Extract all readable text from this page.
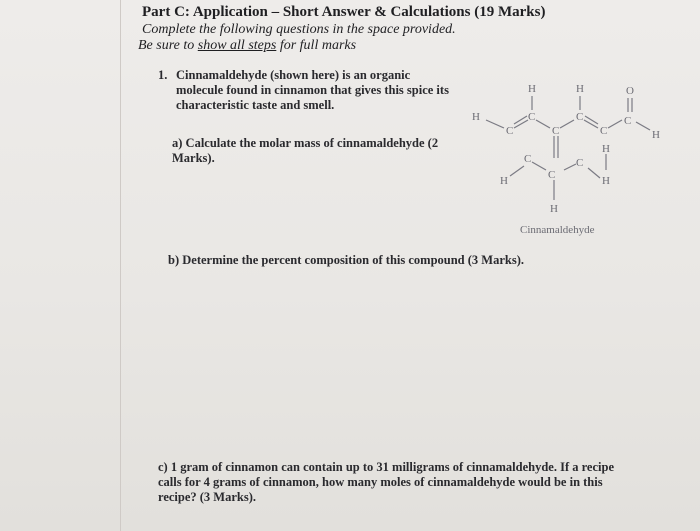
Part C: Application – Short Answer & Calculations (19 Marks)
Complete the following questions in the space provided.
Be sure to show all steps for full marks
1. Cinnamaldehyde (shown here) is an organic molecule found in cinnamon that gives this spice its characteristic taste and smell.
a) Calculate the molar mass of cinnamaldehyde (2 Marks).
b) Determine the percent composition of this compound (3 Marks).
c) 1 gram of cinnamon can contain up to 31 milligrams of cinnamaldehyde. If a recipe calls for 4 grams of cinnamon, how many moles of cinnamaldehyde would be in this recipe? (3 Marks).
H
C
H
C
C
H
C
C
O
C
H
C
C
C
H	H
H
H
Cinnamaldehyde
